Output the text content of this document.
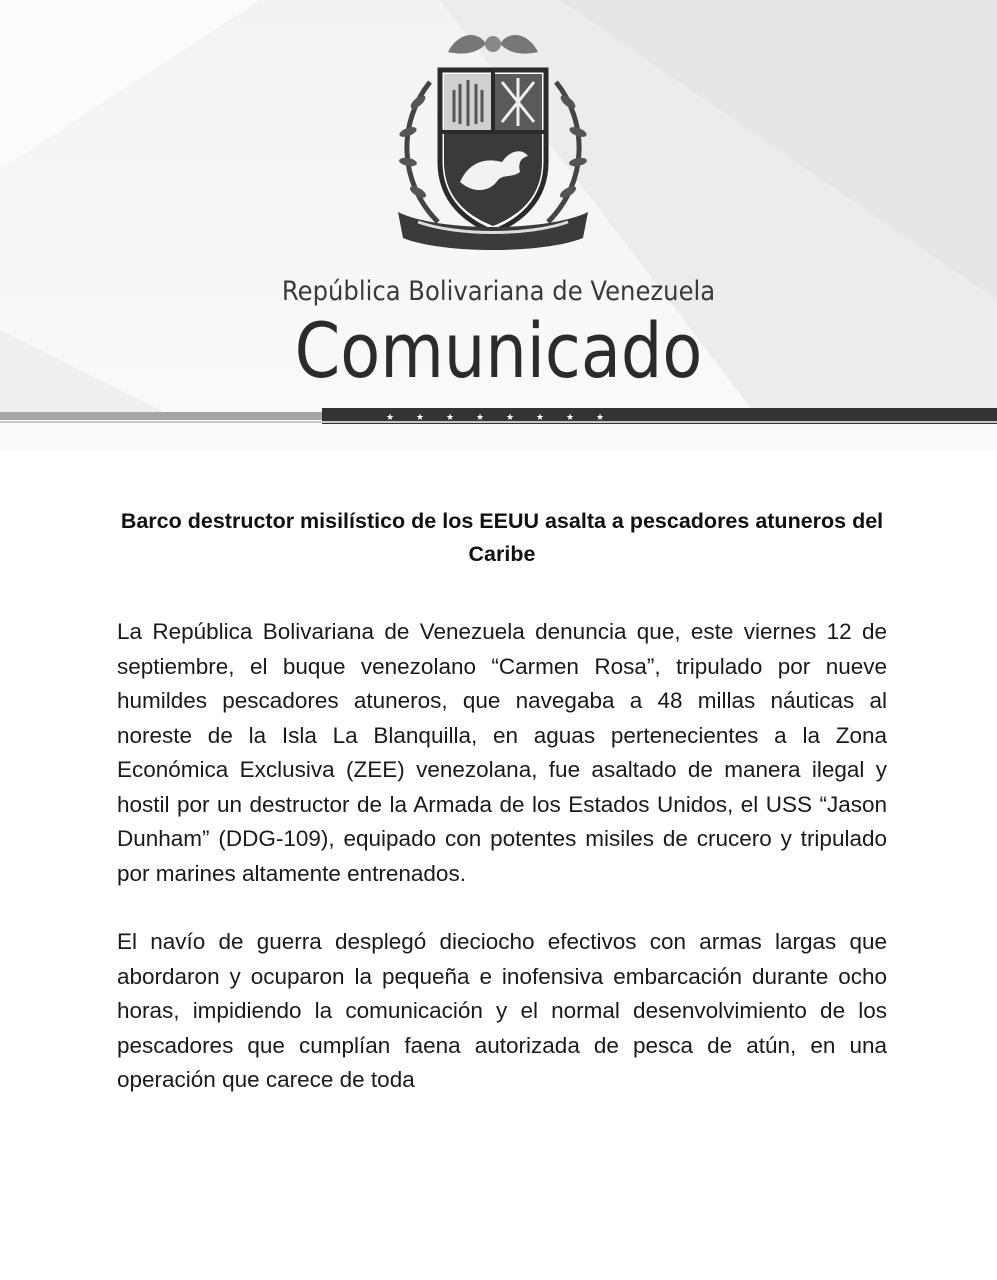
República Bolivariana de Venezuela
Comunicado
★ ★ ★ ★ ★ ★ ★ ★
Barco destructor misilístico de los EEUU asalta a pescadores atuneros del Caribe

La República Bolivariana de Venezuela denuncia que, este viernes 12 de septiembre, el buque venezolano “Carmen Rosa”, tripulado por nueve humildes pescadores atuneros, que navegaba a 48 millas náuticas al noreste de la Isla La Blanquilla, en aguas pertenecientes a la Zona Económica Exclusiva (ZEE) venezolana, fue asaltado de manera ilegal y hostil por un destructor de la Armada de los Estados Unidos, el USS “Jason Dunham” (DDG-109), equipado con potentes misiles de crucero y tripulado por marines altamente entrenados.

El navío de guerra desplegó dieciocho efectivos con armas largas que abordaron y ocuparon la pequeña e inofensiva embarcación durante ocho horas, impidiendo la comunicación y el normal desenvolvimiento de los pescadores que cumplían faena autorizada de pesca de atún, en una operación que carece de toda
